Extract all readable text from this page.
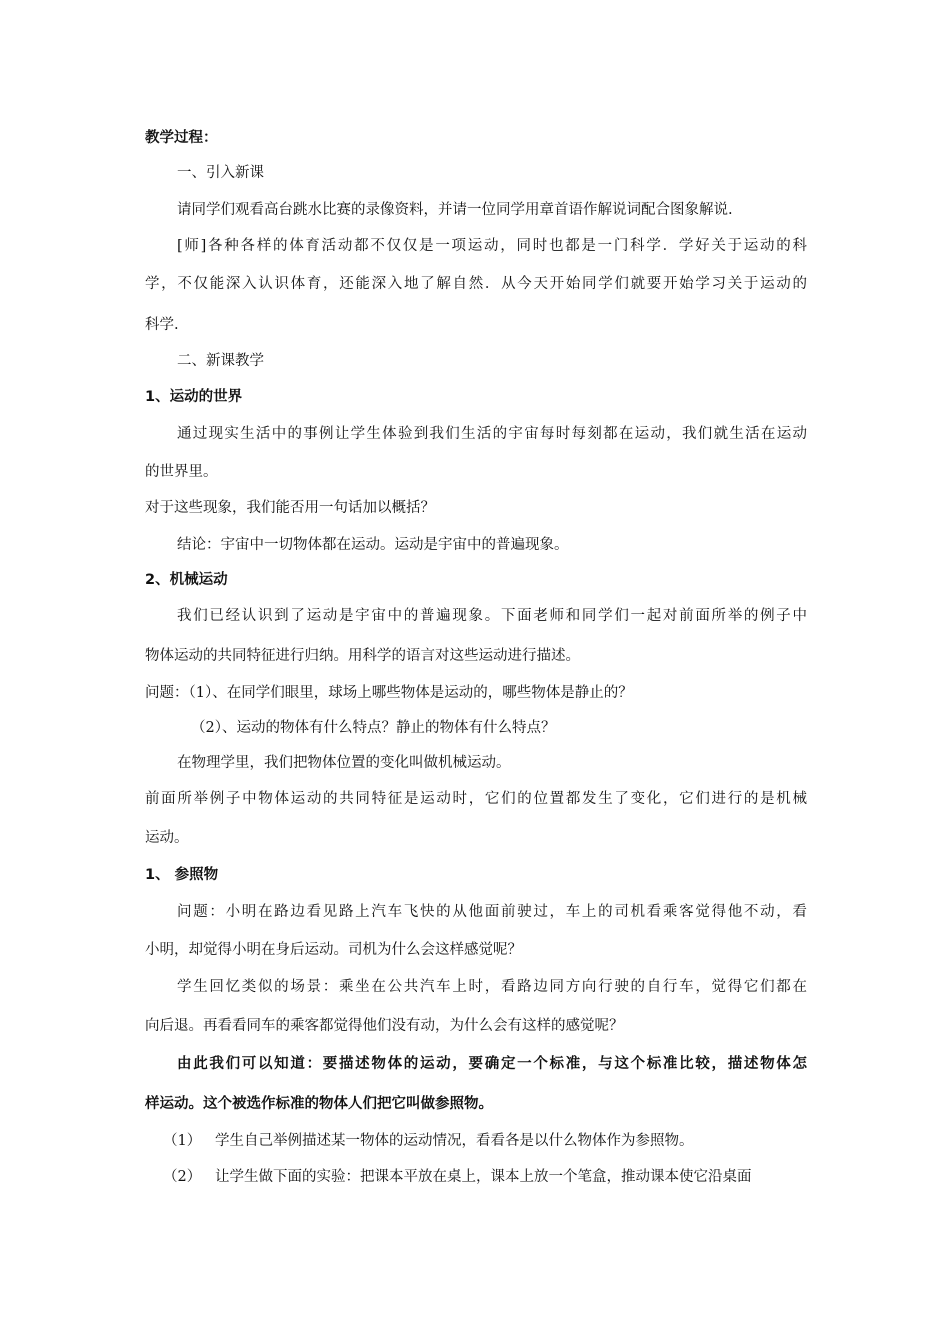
教学过程：
一、引入新课
请同学们观看高台跳水比赛的录像资料，并请一位同学用章首语作解说词配合图象解说.
[师]各种各样的体育活动都不仅仅是一项运动，同时也都是一门科学．学好关于运动的科
学，不仅能深入认识体育，还能深入地了解自然．从今天开始同学们就要开始学习关于运动的
科学.
二、新课教学
1、运动的世界
通过现实生活中的事例让学生体验到我们生活的宇宙每时每刻都在运动，我们就生活在运动
的世界里。
对于这些现象，我们能否用一句话加以概括？
结论：宇宙中一切物体都在运动。运动是宇宙中的普遍现象。
2、机械运动
我们已经认识到了运动是宇宙中的普遍现象。下面老师和同学们一起对前面所举的例子中
物体运动的共同特征进行归纳。用科学的语言对这些运动进行描述。
问题：（1）、在同学们眼里，球场上哪些物体是运动的，哪些物体是静止的？
（2）、运动的物体有什么特点？静止的物体有什么特点？
在物理学里，我们把物体位置的变化叫做机械运动。
前面所举例子中物体运动的共同特征是运动时，它们的位置都发生了变化，它们进行的是机械
运动。
1、 参照物
问题：小明在路边看见路上汽车飞快的从他面前驶过，车上的司机看乘客觉得他不动，看
小明，却觉得小明在身后运动。司机为什么会这样感觉呢？
学生回忆类似的场景：乘坐在公共汽车上时，看路边同方向行驶的自行车，觉得它们都在
向后退。再看看同车的乘客都觉得他们没有动，为什么会有这样的感觉呢？
由此我们可以知道：要描述物体的运动，要确定一个标准，与这个标准比较，描述物体怎
样运动。这个被选作标准的物体人们把它叫做参照物。
（1） 学生自己举例描述某一物体的运动情况，看看各是以什么物体作为参照物。
（2） 让学生做下面的实验：把课本平放在桌上，课本上放一个笔盒，推动课本使它沿桌面
